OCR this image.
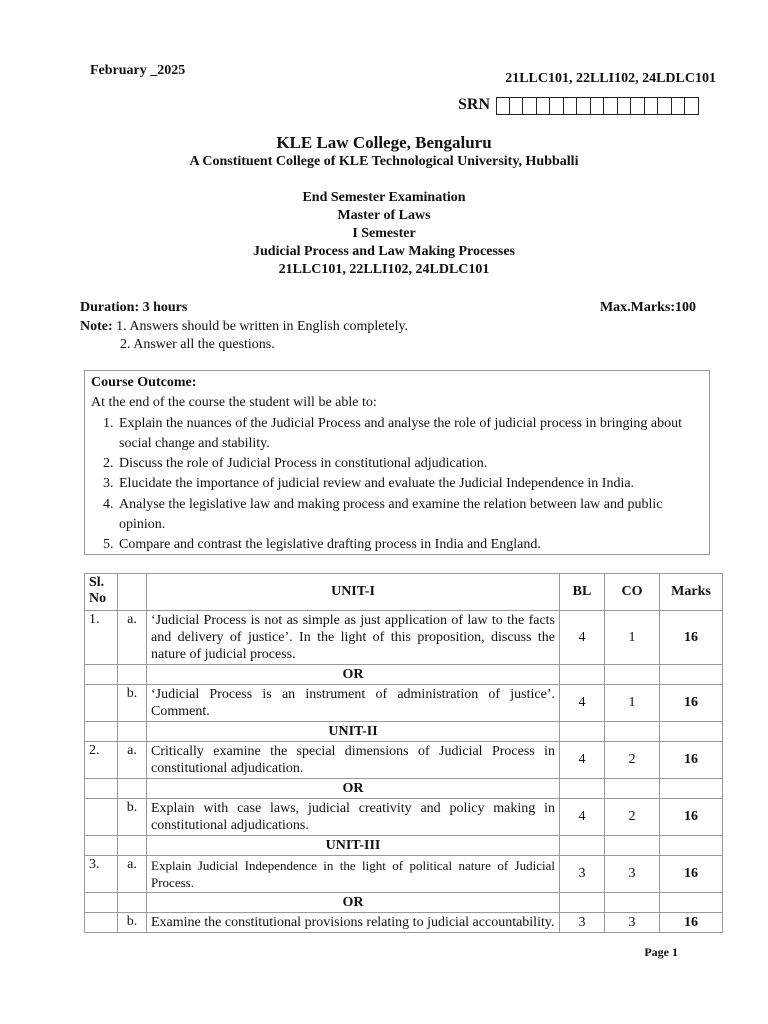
February _2025
21LLC101, 22LLI102, 24LDLC101
SRN
KLE Law College, Bengaluru
A Constituent College of KLE Technological University, Hubballi
End Semester Examination
Master of Laws
I Semester
Judicial Process and Law Making Processes
21LLC101, 22LLI102, 24LDLC101
Duration: 3 hours	Max.Marks:100
Note: 1. Answers should be written in English completely.
2. Answer all the questions.
Course Outcome:
At the end of the course the student will be able to:
1. Explain the nuances of the Judicial Process and analyse the role of judicial process in bringing about social change and stability.
2. Discuss the role of Judicial Process in constitutional adjudication.
3. Elucidate the importance of judicial review and evaluate the Judicial Independence in India.
4. Analyse the legislative law and making process and examine the relation between law and public opinion.
5. Compare and contrast the legislative drafting process in India and England.
Sl. No		UNIT-I	BL	CO	Marks
1.	a.	‘Judicial Process is not as simple as just application of law to the facts and delivery of justice’. In the light of this proposition, discuss the nature of judicial process.	4	1	16
		OR			
	b.	‘Judicial Process is an instrument of administration of justice’. Comment.	4	1	16
		UNIT-II			
2.	a.	Critically examine the special dimensions of Judicial Process in constitutional adjudication.	4	2	16
		OR			
	b.	Explain with case laws, judicial creativity and policy making in constitutional adjudications.	4	2	16
		UNIT-III			
3.	a.	Explain Judicial Independence in the light of political nature of Judicial Process.	3	3	16
		OR			
	b.	Examine the constitutional provisions relating to judicial accountability.	3	3	16
Page 1
